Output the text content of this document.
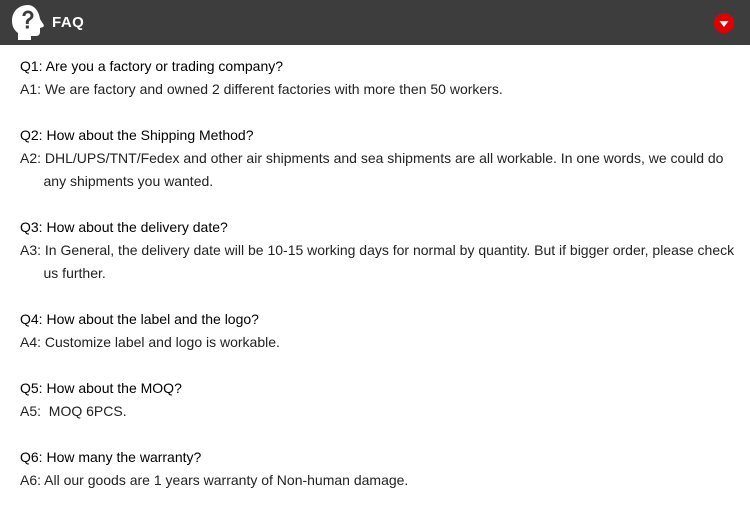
FAQ

Q1: Are you a factory or trading company?

A1: We are factory and owned 2 different factories with more then 50 workers.

Q2: How about the Shipping Method?

A2: DHL/UPS/TNT/Fedex and other air shipments and sea shipments are all workable. In one words, we could do any shipments you wanted.

Q3: How about the delivery date?

A3: In General, the delivery date will be 10-15 working days for normal by quantity. But if bigger order, please check us further.

Q4: How about the label and the logo?

A4: Customize label and logo is workable.

Q5: How about the MOQ?

A5:  MOQ 6PCS.

Q6: How many the warranty?

A6: All our goods are 1 years warranty of Non-human damage.
